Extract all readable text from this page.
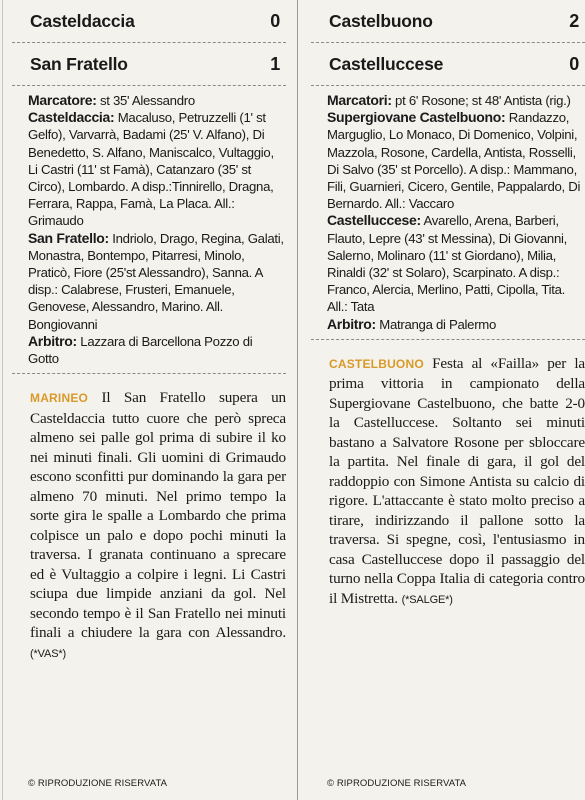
Casteldaccia	0
San Fratello	1

Marcatore: st 35' Alessandro

Casteldaccia: Macaluso, Petruzzelli (1' st Gelfo), Varvarrà, Badami (25' V. Alfano), Di Benedetto, S. Alfano, Maniscalco, Vultaggio, Li Castri (11' st Famà), Catanzaro (35' st Circo), Lombardo. A disp.:Tinnirello, Dragna, Ferrara, Rappa, Famà, La Placa. All.: Grimaudo

San Fratello: Indriolo, Drago, Regina, Galati, Monastra, Bontempo, Pitarresi, Minolo, Praticò, Fiore (25'st Alessandro), Sanna. A disp.: Calabrese, Frusteri, Emanuele, Genovese, Alessandro, Marino. All. Bongiovanni

Arbitro: Lazzara di Barcellona Pozzo di Gotto

MARINEO Il San Fratello supera un Casteldaccia tutto cuore che però spreca almeno sei palle gol prima di subire il ko nei minuti finali. Gli uomini di Grimaudo escono sconfitti pur dominando la gara per almeno 70 minuti. Nel primo tempo la sorte gira le spalle a Lombardo che prima colpisce un palo e dopo pochi minuti la traversa. I granata continuano a sprecare ed è Vultaggio a colpire i legni. Li Castri sciupa due limpide anziani da gol. Nel secondo tempo è il San Fratello nei minuti finali a chiudere la gara con Alessandro. (*VAS*)
© RIPRODUZIONE RISERVATA
Castelbuono	2
Castelluccese	0

Marcatori: pt 6' Rosone; st 48' Antista (rig.)

Supergiovane Castelbuono: Randazzo, Marguglio, Lo Monaco, Di Domenico, Volpini, Mazzola, Rosone, Cardella, Antista, Rosselli, Di Salvo (35' st Porcello). A disp.: Mammano, Fili, Guarnieri, Cicero, Gentile, Pappalardo, Di Bernardo. All.: Vaccaro

Castelluccese: Avarello, Arena, Barberi, Flauto, Lepre (43' st Messina), Di Giovanni, Salerno, Molinaro (11' st Giordano), Milia, Rinaldi (32' st Solaro), Scarpinato. A disp.: Franco, Alercia, Merlino, Patti, Cipolla, Tita. All.: Tata

Arbitro: Matranga di Palermo

CASTELBUONO Festa al «Failla» per la prima vittoria in campionato della Supergiovane Castelbuono, che batte 2-0 la Castelluccese. Soltanto sei minuti bastano a Salvatore Rosone per sbloccare la partita. Nel finale di gara, il gol del raddoppio con Simone Antista su calcio di rigore. L'attaccante è stato molto preciso a tirare, indirizzando il pallone sotto la traversa. Si spegne, così, l'entusiasmo in casa Castelluccese dopo il passaggio del turno nella Coppa Italia di categoria contro il Mistretta. (*SALGE*)
© RIPRODUZIONE RISERVATA
